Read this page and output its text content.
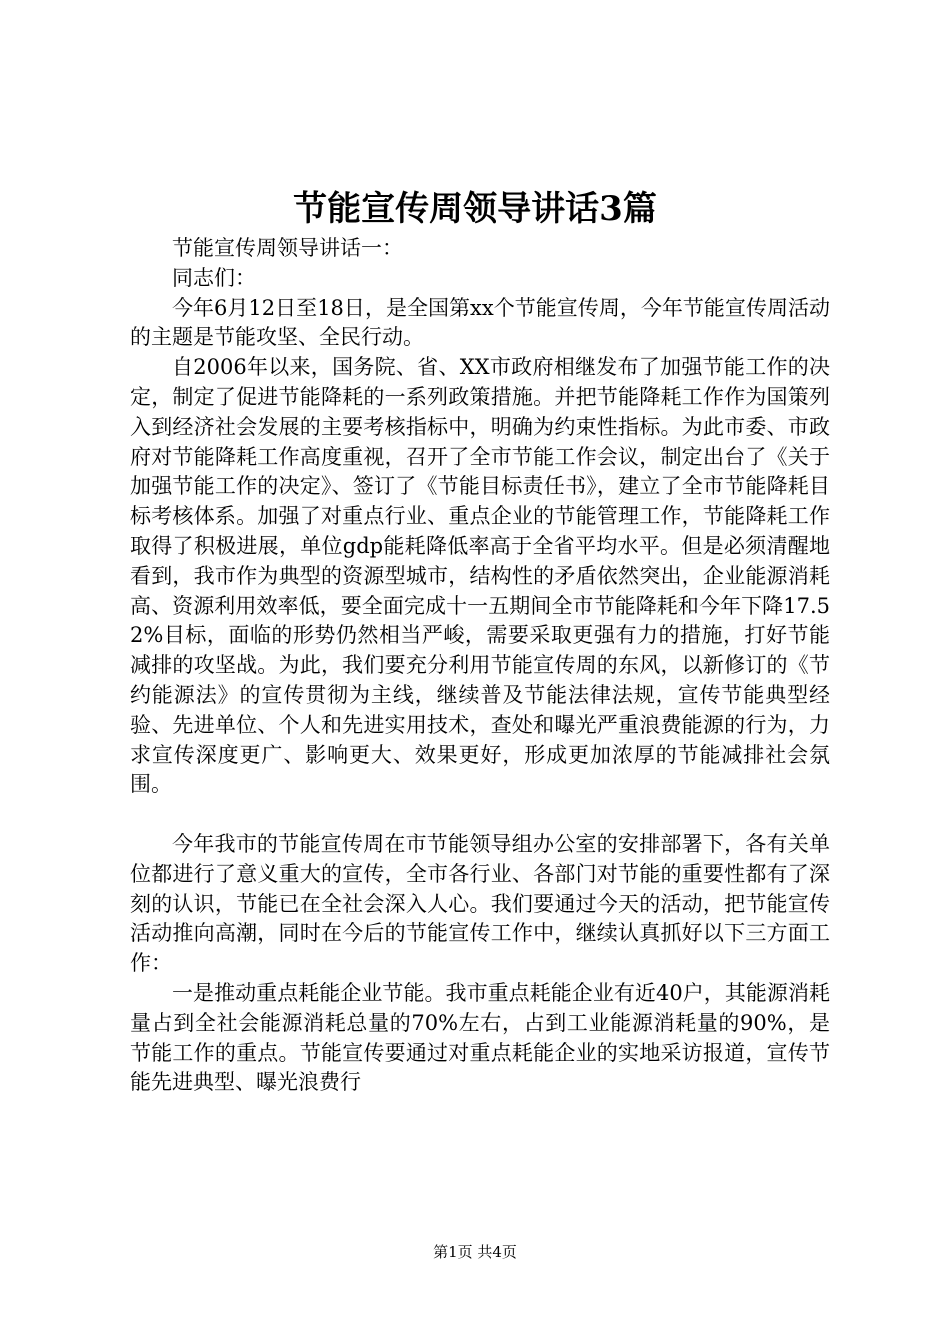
节能宣传周领导讲话3篇

节能宣传周领导讲话一：

同志们：

今年6月12日至18日，是全国第xx个节能宣传周，今年节能宣传周活动的主题是节能攻坚、全民行动。

自2006年以来，国务院、省、XX市政府相继发布了加强节能工作的决定，制定了促进节能降耗的一系列政策措施。并把节能降耗工作作为国策列入到经济社会发展的主要考核指标中，明确为约束性指标。为此市委、市政府对节能降耗工作高度重视，召开了全市节能工作会议，制定出台了《关于加强节能工作的决定》、签订了《节能目标责任书》，建立了全市节能降耗目标考核体系。加强了对重点行业、重点企业的节能管理工作，节能降耗工作取得了积极进展，单位gdp能耗降低率高于全省平均水平。但是必须清醒地看到，我市作为典型的资源型城市，结构性的矛盾依然突出，企业能源消耗高、资源利用效率低，要全面完成十一五期间全市节能降耗和今年下降17.52%目标，面临的形势仍然相当严峻，需要采取更强有力的措施，打好节能减排的攻坚战。为此，我们要充分利用节能宣传周的东风，以新修订的《节约能源法》的宣传贯彻为主线，继续普及节能法律法规，宣传节能典型经验、先进单位、个人和先进实用技术，查处和曝光严重浪费能源的行为，力求宣传深度更广、影响更大、效果更好，形成更加浓厚的节能减排社会氛围。

今年我市的节能宣传周在市节能领导组办公室的安排部署下，各有关单位都进行了意义重大的宣传，全市各行业、各部门对节能的重要性都有了深刻的认识，节能已在全社会深入人心。我们要通过今天的活动，把节能宣传活动推向高潮，同时在今后的节能宣传工作中，继续认真抓好以下三方面工作：

一是推动重点耗能企业节能。我市重点耗能企业有近40户，其能源消耗量占到全社会能源消耗总量的70%左右，占到工业能源消耗量的90%，是节能工作的重点。节能宣传要通过对重点耗能企业的实地采访报道，宣传节能先进典型、曝光浪费行

第1页 共4页
